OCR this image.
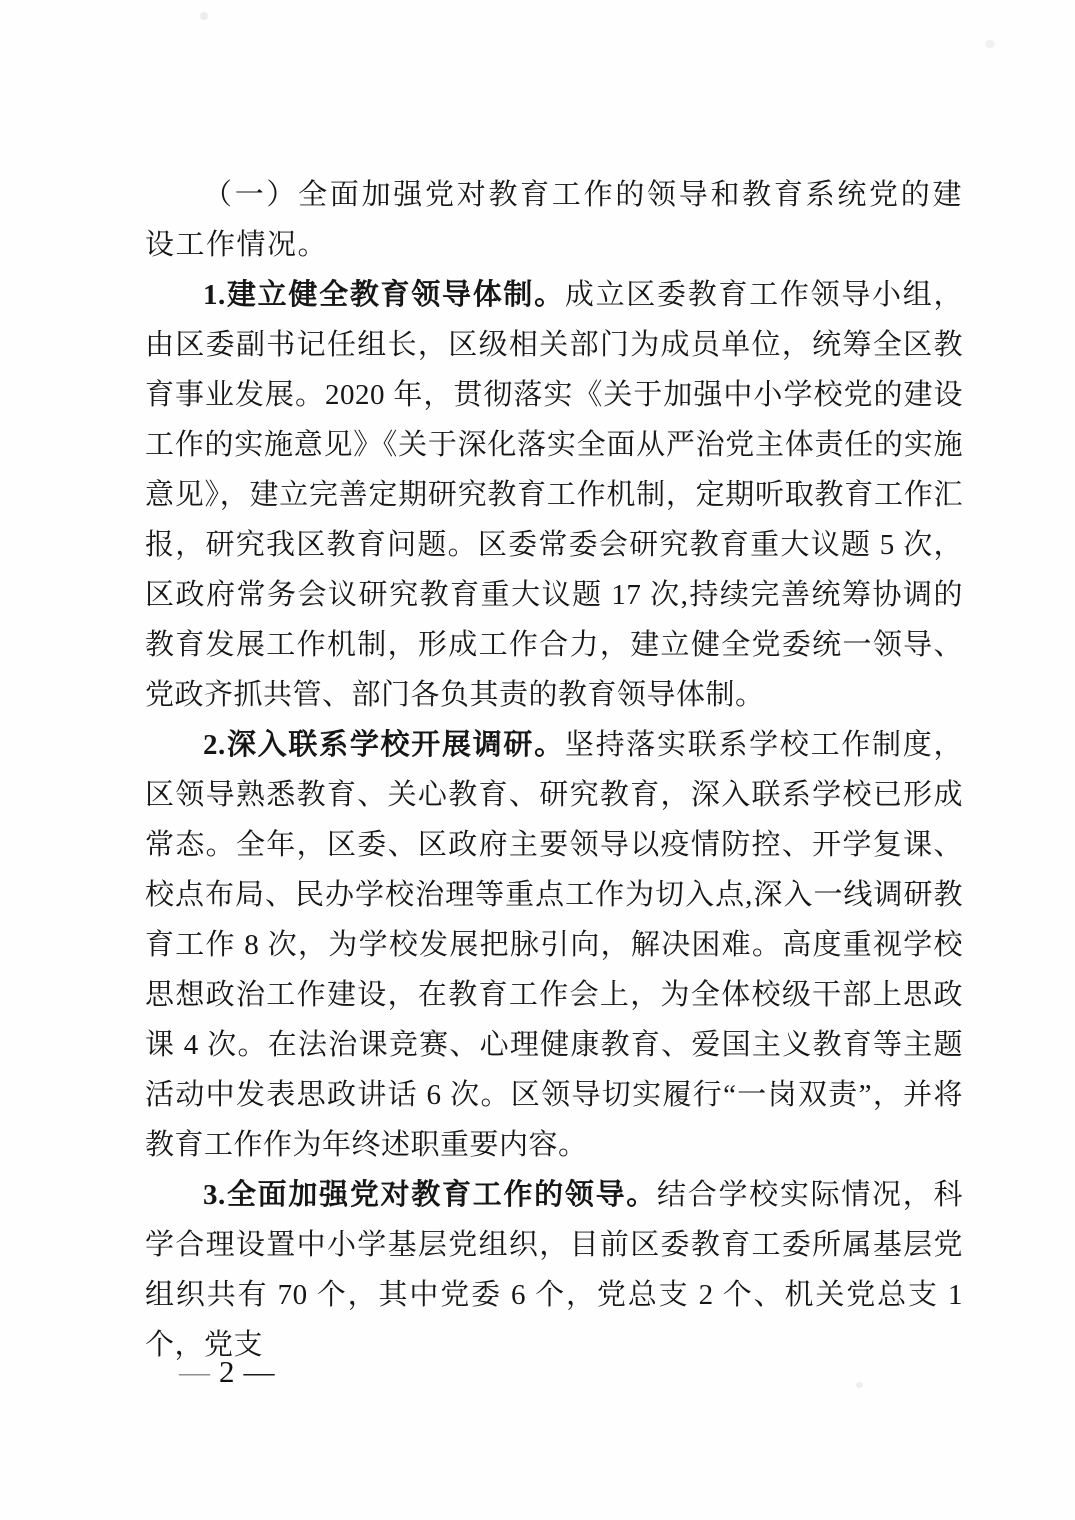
（一）全面加强党对教育工作的领导和教育系统党的建设工作情况。

1.建立健全教育领导体制。成立区委教育工作领导小组，由区委副书记任组长，区级相关部门为成员单位，统筹全区教育事业发展。2020 年，贯彻落实《关于加强中小学校党的建设工作的实施意见》《关于深化落实全面从严治党主体责任的实施意见》，建立完善定期研究教育工作机制，定期听取教育工作汇报，研究我区教育问题。区委常委会研究教育重大议题 5 次，区政府常务会议研究教育重大议题 17 次,持续完善统筹协调的教育发展工作机制，形成工作合力，建立健全党委统一领导、党政齐抓共管、部门各负其责的教育领导体制。

2.深入联系学校开展调研。坚持落实联系学校工作制度，区领导熟悉教育、关心教育、研究教育，深入联系学校已形成常态。全年，区委、区政府主要领导以疫情防控、开学复课、校点布局、民办学校治理等重点工作为切入点,深入一线调研教育工作 8 次，为学校发展把脉引向，解决困难。高度重视学校思想政治工作建设，在教育工作会上，为全体校级干部上思政课 4 次。在法治课竞赛、心理健康教育、爱国主义教育等主题活动中发表思政讲话 6 次。区领导切实履行“一岗双责”，并将教育工作作为年终述职重要内容。

3.全面加强党对教育工作的领导。结合学校实际情况，科学合理设置中小学基层党组织，目前区委教育工委所属基层党组织共有 70 个，其中党委 6 个，党总支 2 个、机关党总支 1 个，党支

— 2 —
